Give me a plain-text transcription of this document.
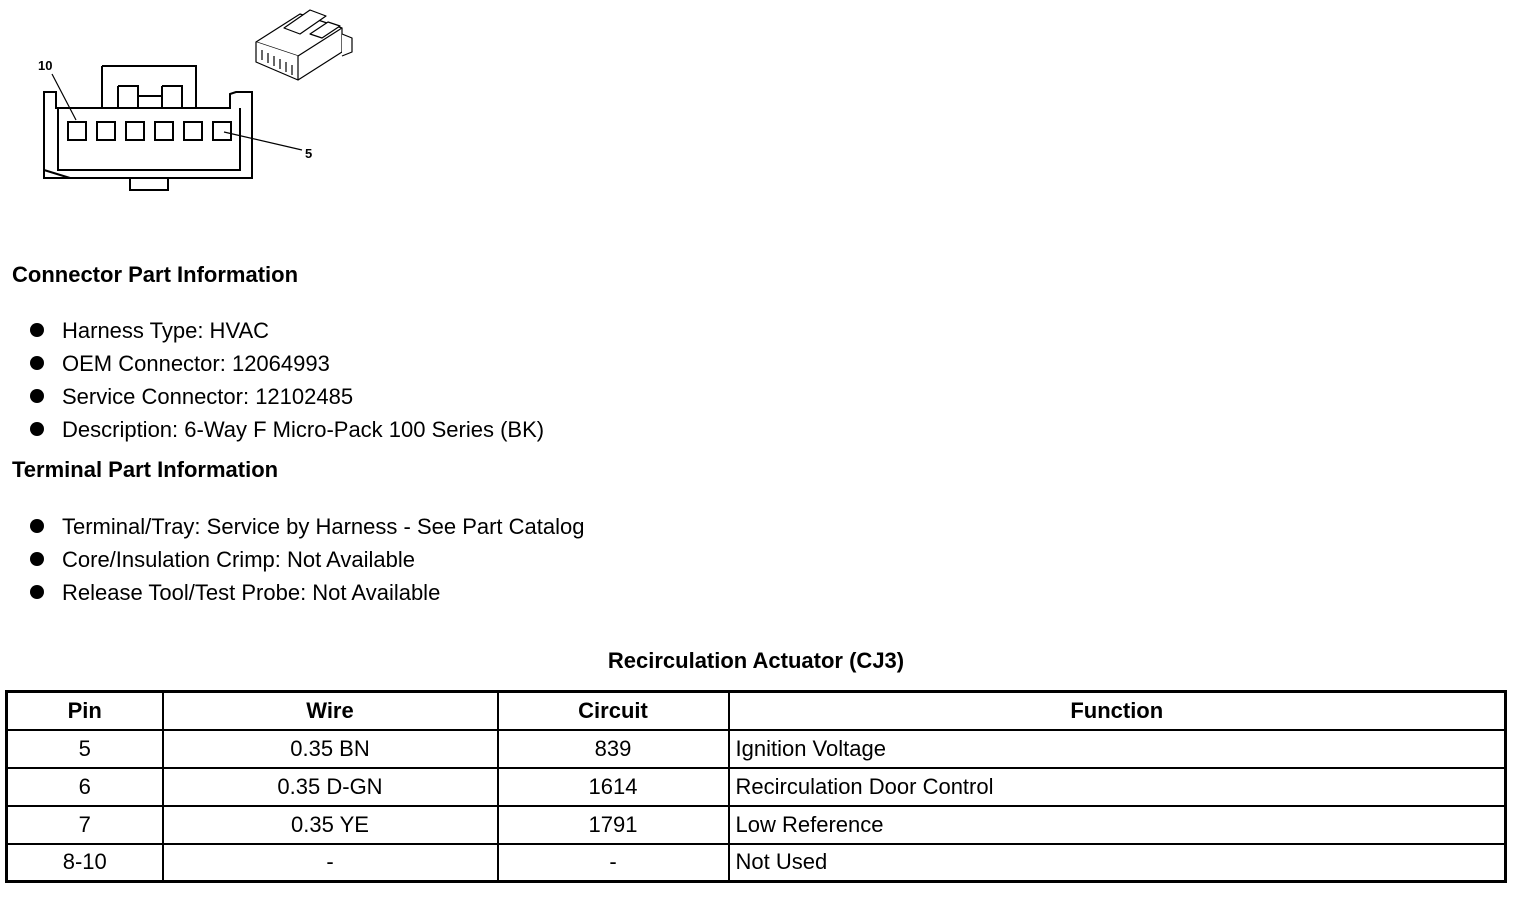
10
5
Connector Part Information
Harness Type: HVAC
OEM Connector: 12064993
Service Connector: 12102485
Description: 6-Way F Micro-Pack 100 Series (BK)
Terminal Part Information
Terminal/Tray: Service by Harness - See Part Catalog
Core/Insulation Crimp: Not Available
Release Tool/Test Probe: Not Available
Recirculation Actuator (CJ3)
Pin	Wire	Circuit	Function
5	0.35 BN	839	Ignition Voltage
6	0.35 D-GN	1614	Recirculation Door Control
7	0.35 YE	1791	Low Reference
8-10	-	-	Not Used
